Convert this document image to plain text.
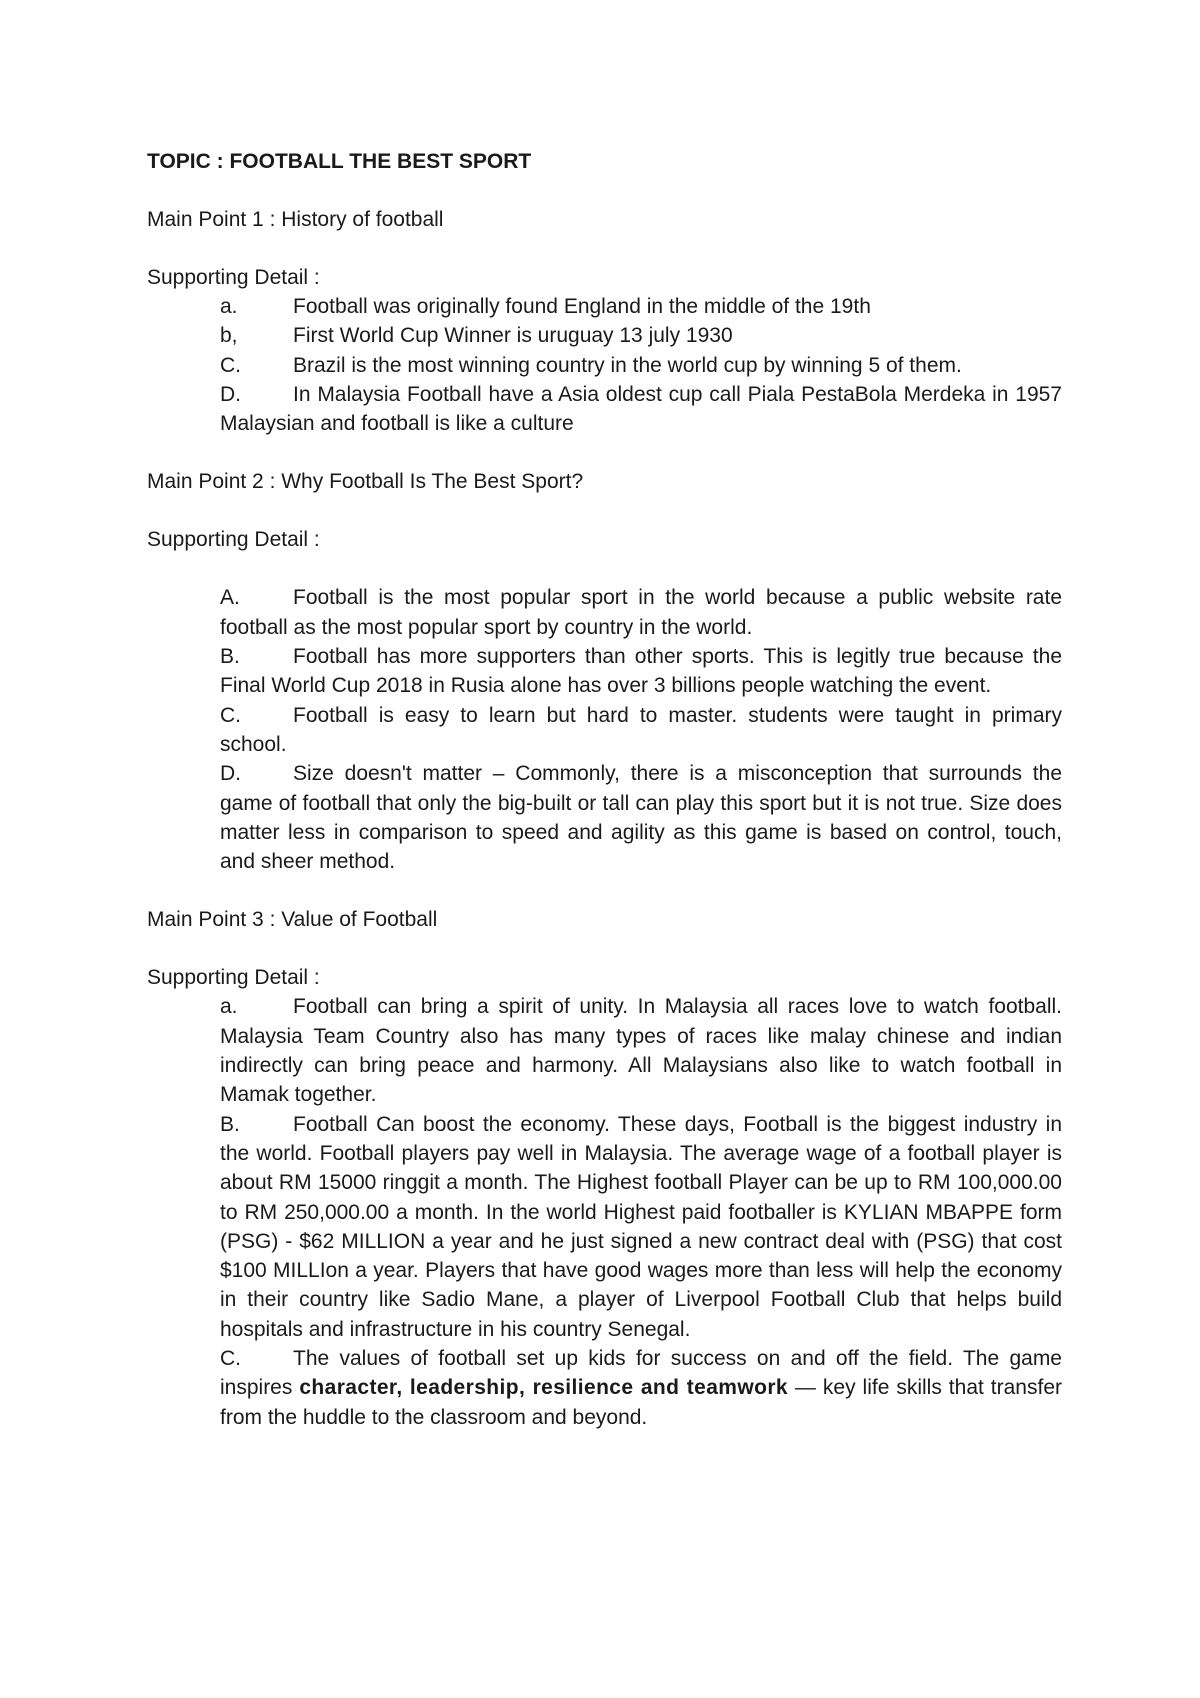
TOPIC : FOOTBALL THE BEST SPORT

Main Point 1 : History of football

Supporting Detail :

a.	Football was originally found England in the middle of the 19th

b,	First World Cup Winner is uruguay 13 july 1930

C. Brazil is the most winning country in the world cup by winning 5 of them.

D. In Malaysia Football have a Asia oldest cup call Piala PestaBola Merdeka in 1957 Malaysian and football is like a culture

Main Point 2 : Why Football Is The Best Sport?

Supporting Detail :

A.	Football is the most popular sport in the world because a public website rate football as the most popular sport by country in the world.

B.	Football has more supporters than other sports. This is legitly true because the Final World Cup 2018 in Rusia alone has over 3 billions people watching the event.

C. Football is easy to learn but hard to master. students were taught in primary school.

D. Size doesn't matter – Commonly, there is a misconception that surrounds the game of football that only the big-built or tall can play this sport but it is not true. Size does matter less in comparison to speed and agility as this game is based on control, touch, and sheer method.

Main Point 3 : Value of Football

Supporting Detail :

a.	Football can bring a spirit of unity. In Malaysia all races love to watch football. Malaysia Team Country also has many types of races like malay chinese and indian indirectly can bring peace and harmony. All Malaysians also like to watch football in Mamak together.

B.	Football Can boost the economy. These days, Football is the biggest industry in the world. Football players pay well in Malaysia. The average wage of a football player is about RM 15000 ringgit a month. The Highest football Player can be up to RM 100,000.00 to RM 250,000.00 a month. In the world Highest paid footballer is KYLIAN MBAPPE form (PSG) - $62 MILLION a year and he just signed a new contract deal with (PSG) that cost $100 MILLIon a year. Players that have good wages more than less will help the economy in their country like Sadio Mane, a player of Liverpool Football Club that helps build hospitals and infrastructure in his country Senegal.

C. The values of football set up kids for success on and off the field. The game inspires character, leadership, resilience and teamwork — key life skills that transfer from the huddle to the classroom and beyond.
